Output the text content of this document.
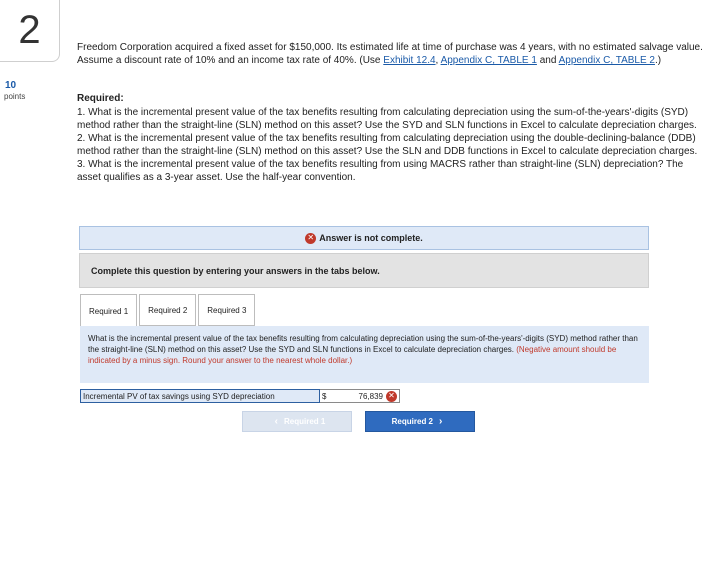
2
10
points
Freedom Corporation acquired a fixed asset for $150,000. Its estimated life at time of purchase was 4 years, with no estimated salvage value. Assume a discount rate of 10% and an income tax rate of 40%. (Use Exhibit 12.4, Appendix C, TABLE 1 and Appendix C, TABLE 2.)
Required:
1. What is the incremental present value of the tax benefits resulting from calculating depreciation using the sum-of-the-years'-digits (SYD) method rather than the straight-line (SLN) method on this asset? Use the SYD and SLN functions in Excel to calculate depreciation charges.
2. What is the incremental present value of the tax benefits resulting from calculating depreciation using the double-declining-balance (DDB) method rather than the straight-line (SLN) method on this asset? Use the SLN and DDB functions in Excel to calculate depreciation charges.
3. What is the incremental present value of the tax benefits resulting from using MACRS rather than straight-line (SLN) depreciation? The asset qualifies as a 3-year asset. Use the half-year convention.
✕ Answer is not complete.
Complete this question by entering your answers in the tabs below.
Required 1	Required 2	Required 3
What is the incremental present value of the tax benefits resulting from calculating depreciation using the sum-of-the-years'-digits (SYD) method rather than the straight-line (SLN) method on this asset? Use the SYD and SLN functions in Excel to calculate depreciation charges. (Negative amount should be indicated by a minus sign. Round your answer to the nearest whole dollar.)
Incremental PV of tax savings using SYD depreciation	$	76,839 ✕
‹ Required 1	Required 2 ›
